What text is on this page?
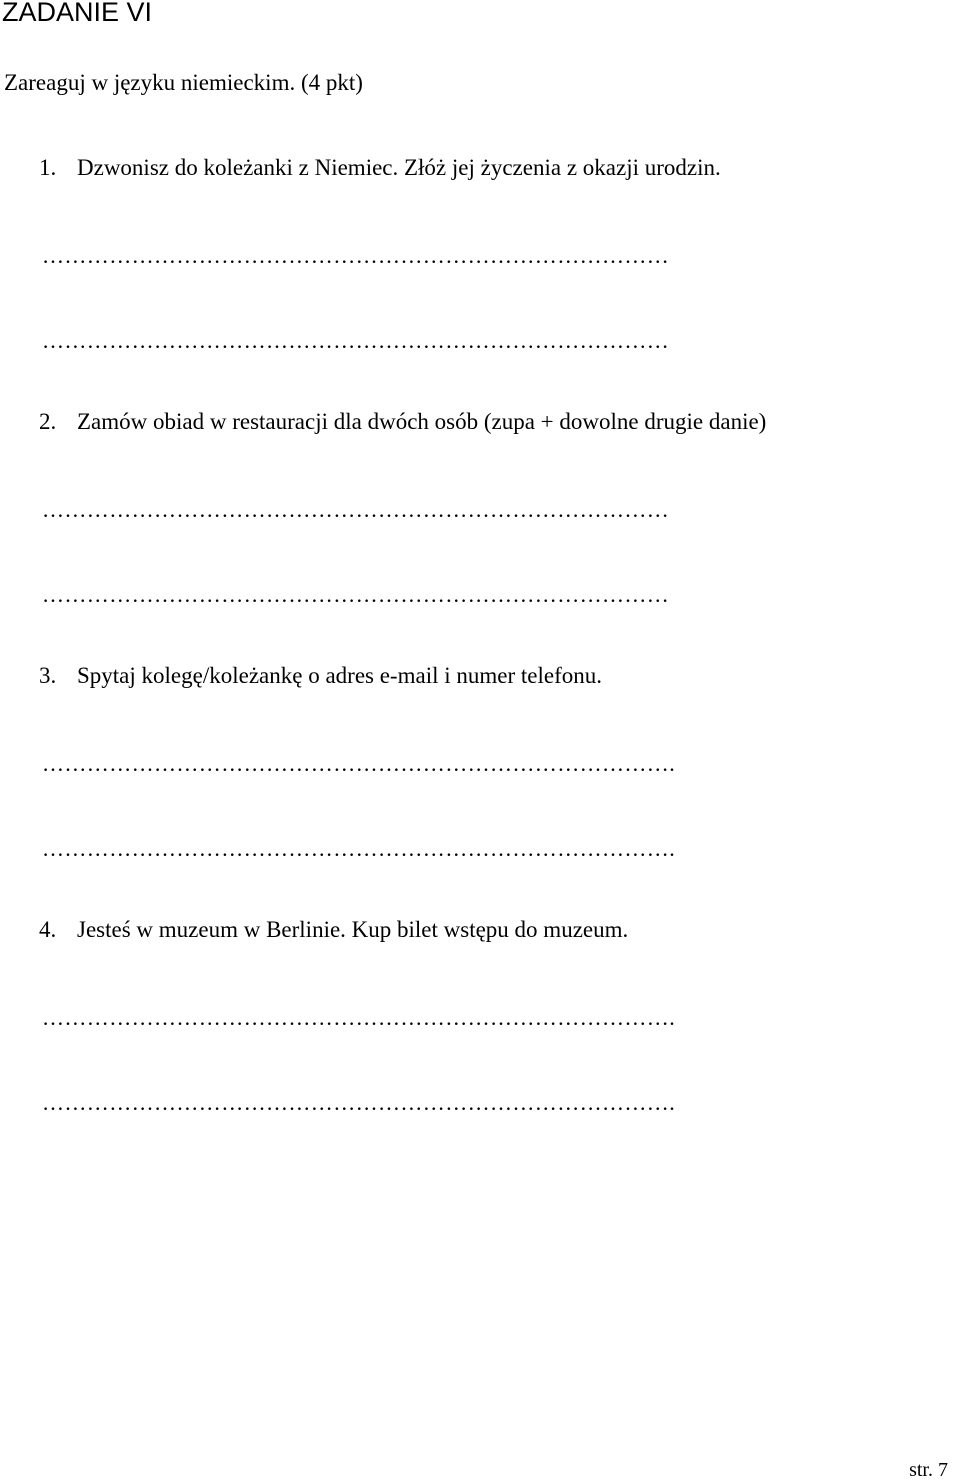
ZADANIE VI
Zareaguj w języku niemieckim. (4 pkt)
1. Dzwonisz do koleżanki z Niemiec. Złóż jej życzenia z okazji urodzin.
…………………………………………………………………………
…………………………………………………………………………
2. Zamów obiad w restauracji dla dwóch osób (zupa + dowolne drugie danie)
…………………………………………………………………………
…………………………………………………………………………
3. Spytaj kolegę/koleżankę o adres e-mail i numer telefonu.
………………………………………………………………………….
………………………………………………………………………….
4. Jesteś w muzeum w Berlinie. Kup bilet wstępu do muzeum.
………………………………………………………………………….
………………………………………………………………………….
str. 7
